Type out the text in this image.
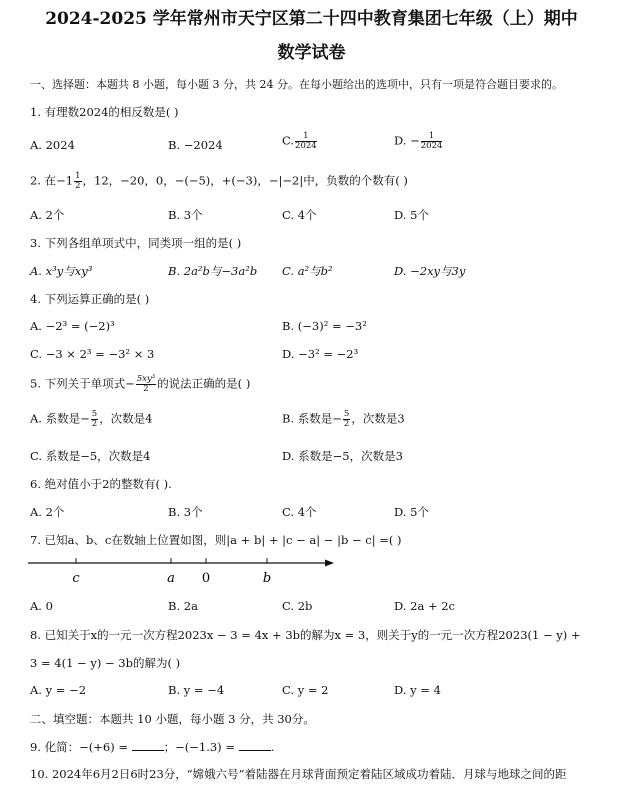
2024-2025 学年常州市天宁区第二十四中教育集团七年级（上）期中
数学试卷
一、选择题：本题共 8 小题，每小题 3 分，共 24 分。在每小题给出的选项中，只有一项是符合题目要求的。
1. 有理数2024的相反数是( )
A. 2024	B. −2024	C. $\frac{1}{2024}$	D. − $\frac{1}{2024}$
2. 在$-1 \frac{1}{2}$ ，12，−20，0，−(−5)，+(−3)，−|−2|中，负数的个数有( )
A. 2个	B. 3个	C. 4个	D. 5个
3. 下列各组单项式中，同类项一组的是( )
A. x³y与xy³	B. 2a²b与−3a²b C. a²与b²	D. −2xy与3y
4. 下列运算正确的是( )
A. −2³ = (−2)³	B. (−3)² = −3²
C. −3 × 2³ = −3² × 3	D. −3² = −2³
5. 下列关于单项式− $\frac{\text{5xy³}}{2}$ 的说法正确的是( )
A. 系数是− $\frac{5}{2}$ ，次数是4	B. 系数是− $\frac{5}{2}$ ，次数是3
C. 系数是−5，次数是4	D. 系数是−5，次数是3
6. 绝对值小于2的整数有( ).
A. 2个	B. 3个	C. 4个	D. 5个
7. 已知a、b、c在数轴上位置如图，则|a + b| + |c − a| − |b − c| =( )
c	a 0	b
A. 0	B. 2a	C. 2b	D. 2a + 2c
8. 已知关于x的一元一次方程2023x − 3 = 4x + 3b的解为x = 3，则关于y的一元一次方程2023(1 − y) +
3 = 4(1 − y) − 3b的解为( )
A. y = −2	B. y = −4	C. y = 2	D. y = 4
二、填空题：本题共 10 小题，每小题 3 分，共 30分。
9. 化简：−(+6) =	；−(−1.3) =	.
10. 2024年6月2日6时23分，“嫦娥六号”着陆器在月球背面预定着陆区域成功着陆．月球与地球之间的距
